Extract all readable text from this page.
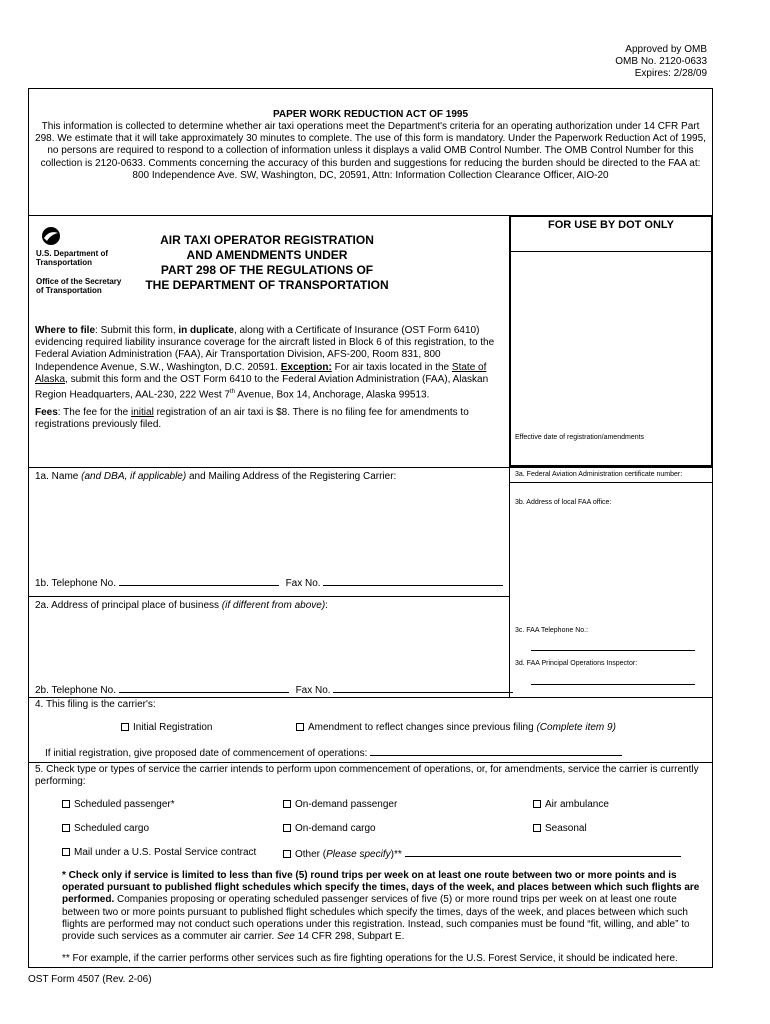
Approved by OMB
OMB No. 2120-0633
Expires: 2/28/09
PAPER WORK REDUCTION ACT OF 1995
This information is collected to determine whether air taxi operations meet the Department's criteria for an operating authorization under 14 CFR Part 298. We estimate that it will take approximately 30 minutes to complete. The use of this form is mandatory. Under the Paperwork Reduction Act of 1995, no persons are required to respond to a collection of information unless it displays a valid OMB Control Number. The OMB Control Number for this collection is 2120-0633. Comments concerning the accuracy of this burden and suggestions for reducing the burden should be directed to the FAA at: 800 Independence Ave. SW, Washington, DC, 20591, Attn: Information Collection Clearance Officer, AIO-20
U.S. Department of Transportation
Office of the Secretary of Transportation
AIR TAXI OPERATOR REGISTRATION
AND AMENDMENTS UNDER
PART 298 OF THE REGULATIONS OF
THE DEPARTMENT OF TRANSPORTATION
FOR USE BY DOT ONLY
Effective date of registration/amendments
Where to file: Submit this form, in duplicate, along with a Certificate of Insurance (OST Form 6410) evidencing required liability insurance coverage for the aircraft listed in Block 6 of this registration, to the Federal Aviation Administration (FAA), Air Transportation Division, AFS-200, Room 831, 800 Independence Avenue, S.W., Washington, D.C. 20591. Exception: For air taxis located in the State of Alaska, submit this form and the OST Form 6410 to the Federal Aviation Administration (FAA), Alaskan Region Headquarters, AAL-230, 222 West 7th Avenue, Box 14, Anchorage, Alaska 99513.
Fees: The fee for the initial registration of an air taxi is $8. There is no filing fee for amendments to registrations previously filed.
1a. Name (and DBA, if applicable) and Mailing Address of the Registering Carrier:	3a. Federal Aviation Administration certificate number:
3b. Address of local FAA office:
1b. Telephone No.	Fax No.
2a. Address of principal place of business (if different from above):
3c. FAA Telephone No.:
3d. FAA Principal Operations Inspector:
2b. Telephone No.	Fax No.
4. This filing is the carrier's:
Initial Registration	Amendment to reflect changes since previous filing (Complete item 9)
If initial registration, give proposed date of commencement of operations:
5. Check type or types of service the carrier intends to perform upon commencement of operations, or, for amendments, service the carrier is currently performing:
Scheduled passenger*	On-demand passenger	Air ambulance
Scheduled cargo	On-demand cargo	Seasonal
Mail under a U.S. Postal Service contract	Other (Please specify)**
* Check only if service is limited to less than five (5) round trips per week on at least one route between two or more points and is operated pursuant to published flight schedules which specify the times, days of the week, and places between which such flights are performed. Companies proposing or operating scheduled passenger services of five (5) or more round trips per week on at least one route between two or more points pursuant to published flight schedules which specify the times, days of the week, and places between which such flights are performed may not conduct such operations under this registration. Instead, such companies must be found “fit, willing, and able” to provide such services as a commuter air carrier. See 14 CFR 298, Subpart E.
** For example, if the carrier performs other services such as fire fighting operations for the U.S. Forest Service, it should be indicated here.
OST Form 4507 (Rev. 2-06)
